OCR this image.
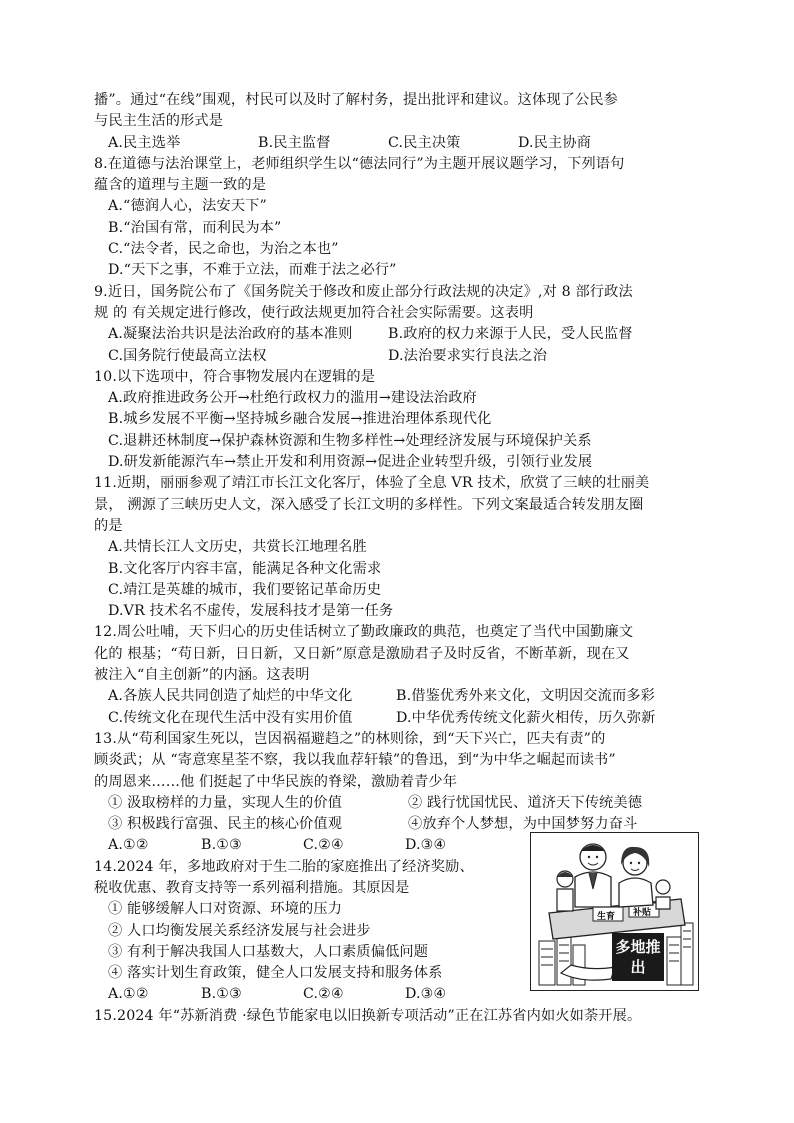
播”。通过“在线”围观，村民可以及时了解村务，提出批评和建议。这体现了公民参
与民主生活的形式是
A.民主选举	B.民主监督	C.民主决策	D.民主协商
8.在道德与法治课堂上，老师组织学生以“德法同行”为主题开展议题学习，下列语句
蕴含的道理与主题一致的是
A.“德润人心，法安天下”
B.“治国有常，而利民为本”
C.“法令者，民之命也，为治之本也”
D.“天下之事，不难于立法，而难于法之必行”
9.近日，国务院公布了《国务院关于修改和废止部分行政法规的决定》,对 8 部行政法
规 的 有关规定进行修改，使行政法规更加符合社会实际需要。这表明
A.凝聚法治共识是法治政府的基本准则	B.政府的权力来源于人民，受人民监督
C.国务院行使最高立法权	D.法治要求实行良法之治
10.以下选项中，符合事物发展内在逻辑的是
A.政府推进政务公开→杜绝行政权力的滥用→建设法治政府
B.城乡发展不平衡→坚持城乡融合发展→推进治理体系现代化
C.退耕还林制度→保护森林资源和生物多样性→处理经济发展与环境保护关系
D.研发新能源汽车→禁止开发和利用资源→促进企业转型升级，引领行业发展
11.近期，丽丽参观了靖江市长江文化客厅，体验了全息 VR 技术，欣赏了三峡的壮丽美
景， 溯源了三峡历史人文，深入感受了长江文明的多样性。下列文案最适合转发朋友圈
的是
A.共情长江人文历史，共赏长江地理名胜
B.文化客厅内容丰富，能满足各种文化需求
C.靖江是英雄的城市，我们要铭记革命历史
D.VR 技术名不虚传，发展科技才是第一任务
12.周公吐哺，天下归心的历史佳话树立了勤政廉政的典范，也奠定了当代中国勤廉文
化的 根基；“苟日新，日日新，又日新”原意是激励君子及时反省，不断革新，现在又
被注入“自主创新”的内涵。这表明
A.各族人民共同创造了灿烂的中华文化	B.借鉴优秀外来文化，文明因交流而多彩
C.传统文化在现代生活中没有实用价值	D.中华优秀传统文化薪火相传，历久弥新
13.从“苟利国家生死以，岂因祸福避趋之”的林则徐，到“天下兴亡，匹夫有责”的
顾炎武；从 “寄意寒星荃不察，我以我血荐轩辕”的鲁迅，到“为中华之崛起而读书”
的周恩来……他 们挺起了中华民族的脊梁，激励着青少年
① 汲取榜样的力量，实现人生的价值	② 践行忧国忧民、道济天下传统美德
③ 积极践行富强、民主的核心价值观	④放弃个人梦想，为中国梦努力奋斗
A.①②	B.①③	C.②④	D.③④
14.2024 年，多地政府对于生二胎的家庭推出了经济奖励、
税收优惠、教育支持等一系列福利措施。其原因是
① 能够缓解人口对资源、环境的压力
② 人口均衡发展关系经济发展与社会进步
③ 有利于解决我国人口基数大，人口素质偏低问题
④ 落实计划生育政策，健全人口发展支持和服务体系
A.①②	B.①③	C.②④	D.③④
15.2024 年“苏新消费 ·绿色节能家电以旧换新专项活动”正在江苏省内如火如荼开展。
生育 补贴
多地推出
